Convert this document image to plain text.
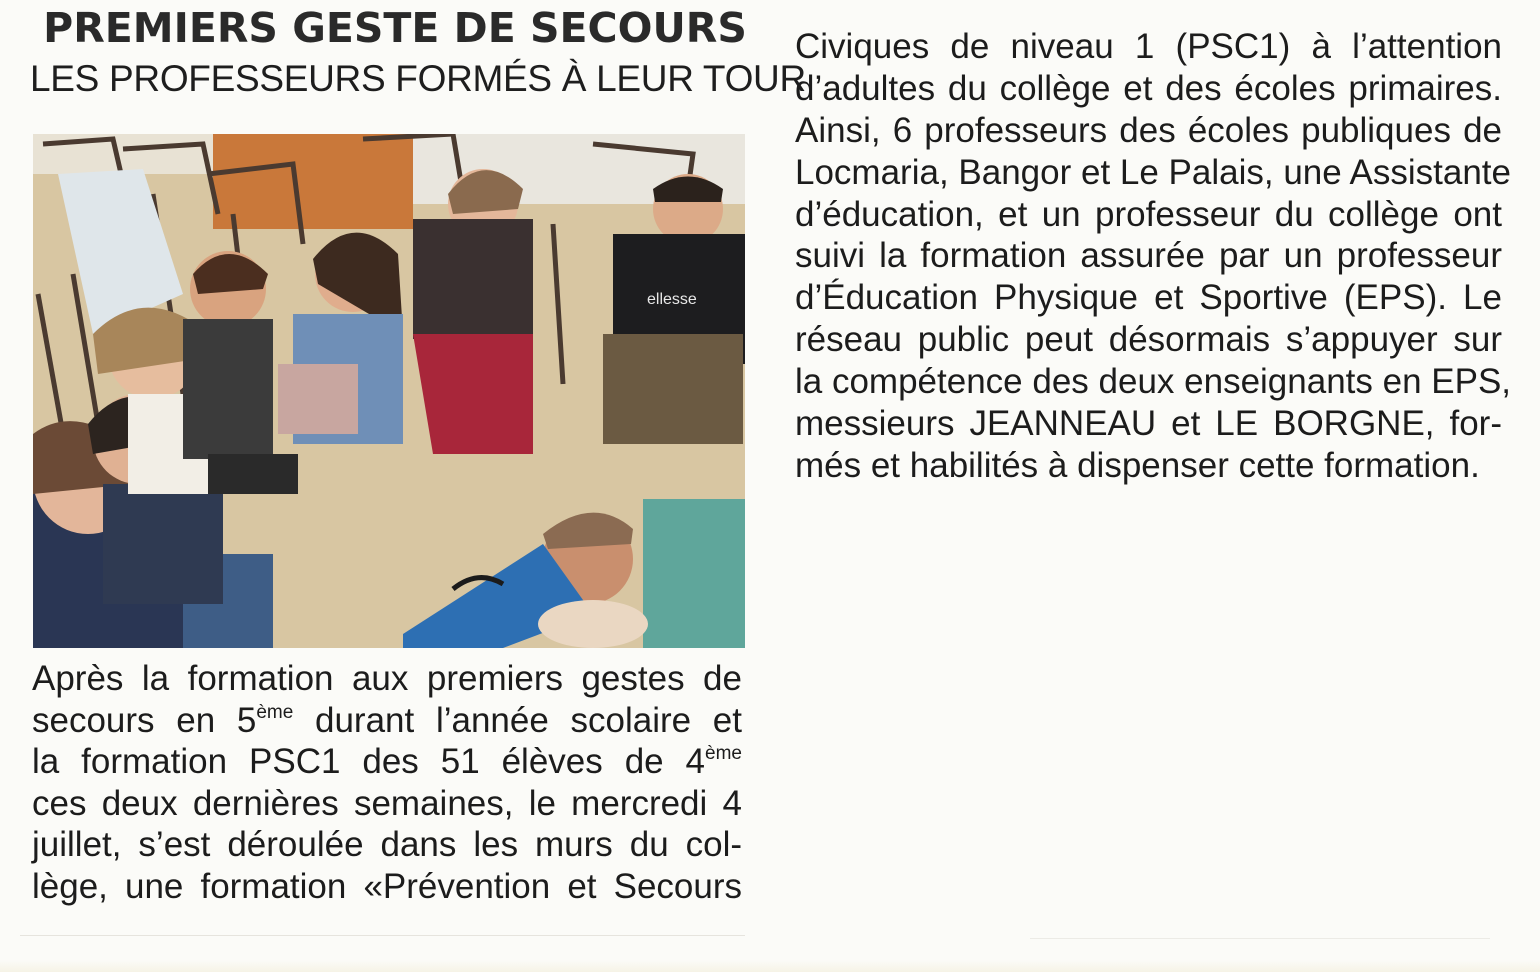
PREMIERS GESTE DE SECOURS
LES PROFESSEURS FORMÉS À LEUR TOUR
ellesse
Après la formation aux premiers gestes de
secours en 5ème durant l’année scolaire et
la formation PSC1 des 51 élèves de 4ème
ces deux dernières semaines, le mercredi 4
juillet, s’est déroulée dans les murs du col-
lège, une formation «Prévention et Secours
Civiques de niveau 1 (PSC1) à l’attention
d’adultes du collège et des écoles primaires.
Ainsi, 6 professeurs des écoles publiques de
Locmaria, Bangor et Le Palais, une Assistante
d’éducation, et un professeur du collège ont
suivi la formation assurée par un professeur
d’Éducation Physique et Sportive (EPS). Le
réseau public peut désormais s’appuyer sur
la compétence des deux enseignants en EPS,
messieurs JEANNEAU et LE BORGNE, for-
més et habilités à dispenser cette formation.
